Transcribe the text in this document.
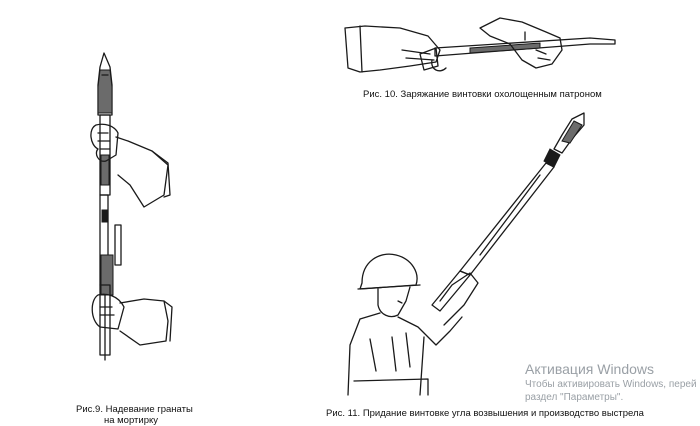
Рис.9. Надевание гранаты
на мортирку
Рис. 10. Заряжание винтовки охолощенным патроном
Рис. 11. Придание винтовке угла возвышения и производство выстрела
Активация Windows
Чтобы активировать Windows, перей
раздел "Параметры".
